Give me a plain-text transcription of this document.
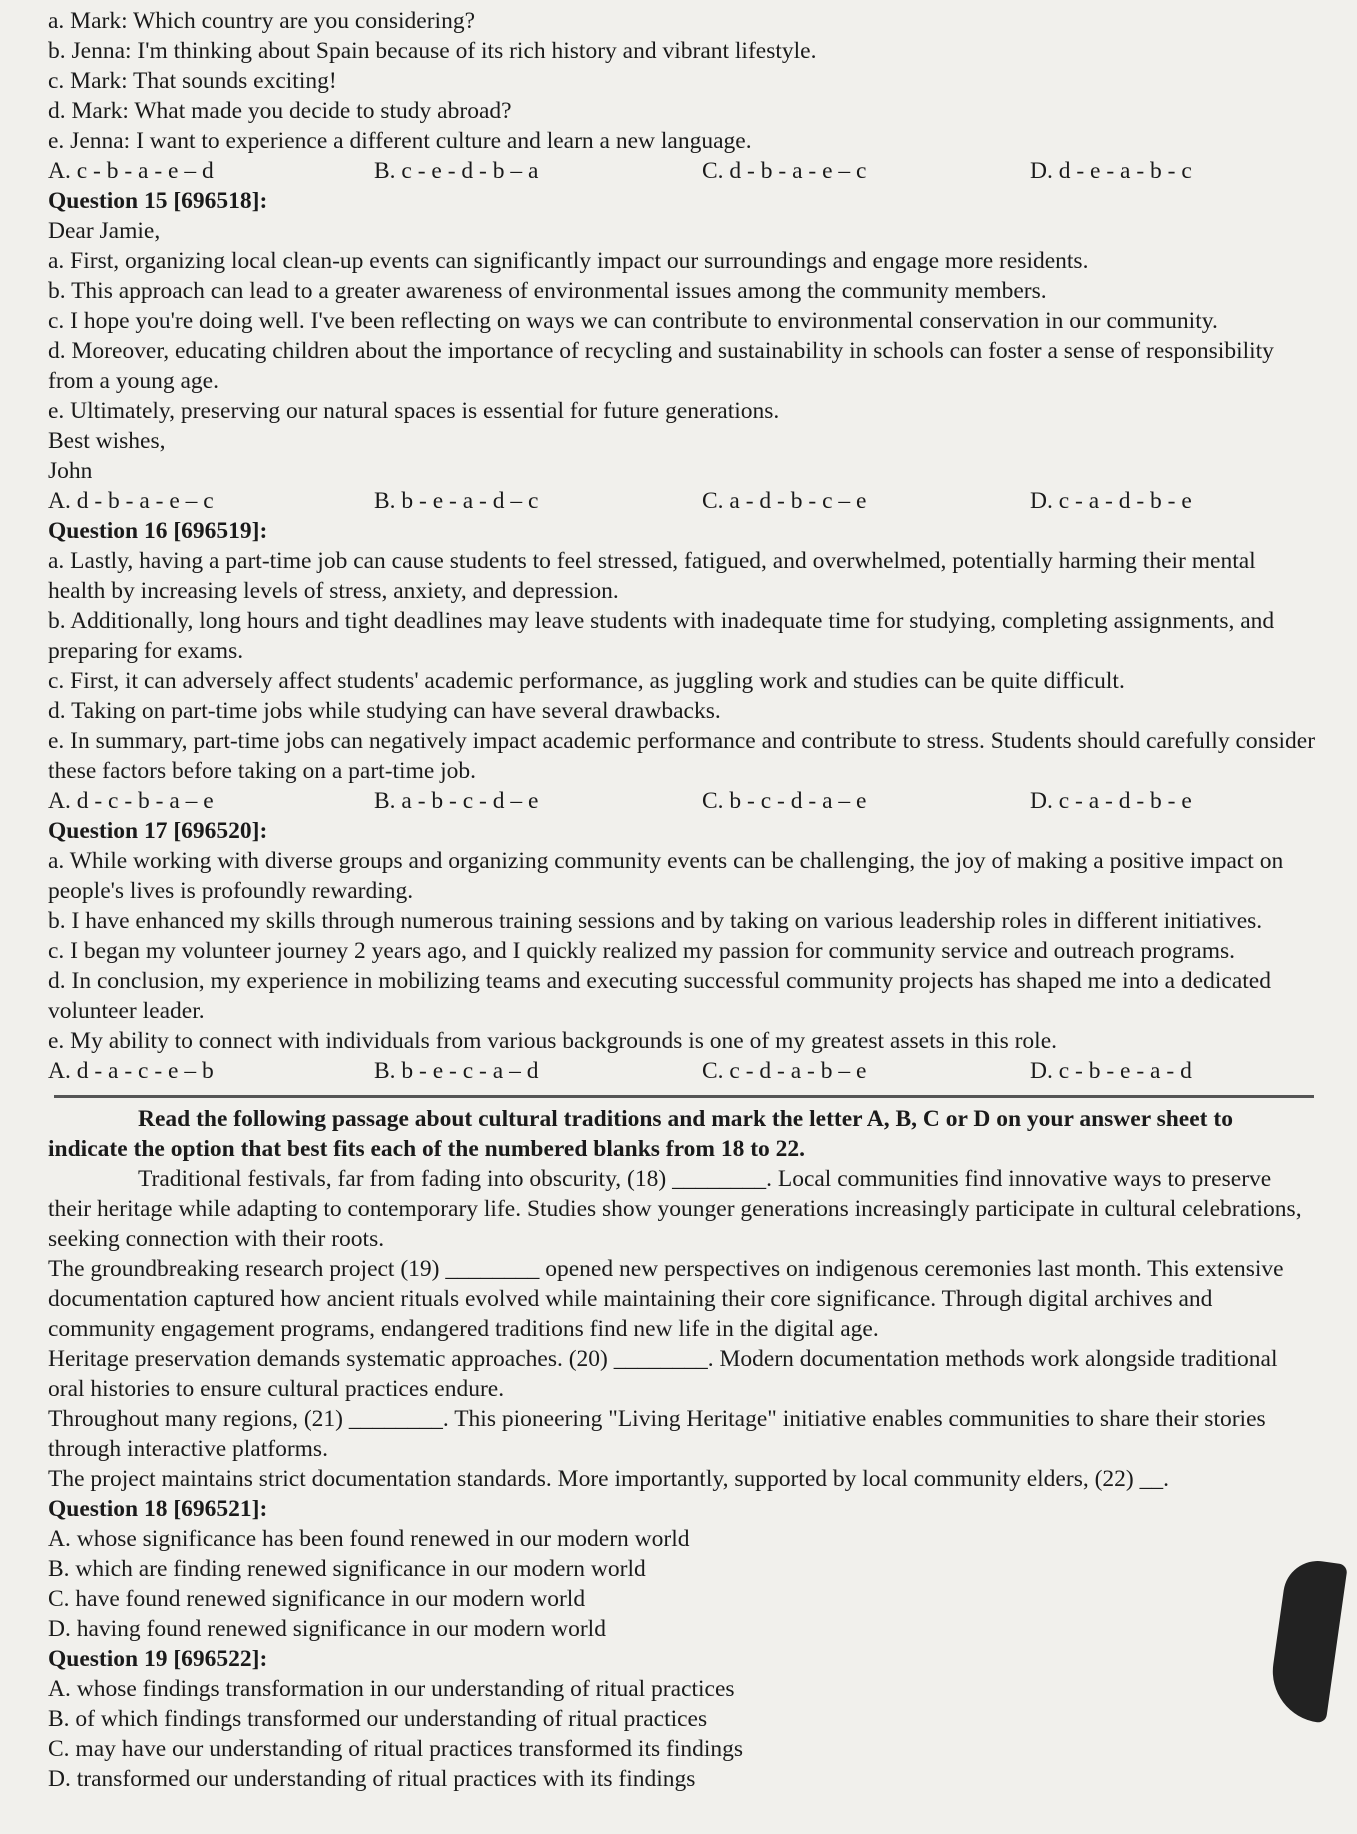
a. Mark: Which country are you considering?

b. Jenna: I'm thinking about Spain because of its rich history and vibrant lifestyle.

c. Mark: That sounds exciting!

d. Mark: What made you decide to study abroad?

e. Jenna: I want to experience a different culture and learn a new language.

A. c - b - a - e – d	B. c - e - d - b – a	C. d - b - a - e – c	D. d - e - a - b - c

Question 15 [696518]:

Dear Jamie,

a. First, organizing local clean-up events can significantly impact our surroundings and engage more residents.

b. This approach can lead to a greater awareness of environmental issues among the community members.

c. I hope you're doing well. I've been reflecting on ways we can contribute to environmental conservation in our community.

d. Moreover, educating children about the importance of recycling and sustainability in schools can foster a sense of responsibility from a young age.

e. Ultimately, preserving our natural spaces is essential for future generations.

Best wishes,

John

A. d - b - a - e – c	B. b - e - a - d – c	C. a - d - b - c – e	D. c - a - d - b - e

Question 16 [696519]:

a. Lastly, having a part-time job can cause students to feel stressed, fatigued, and overwhelmed, potentially harming their mental health by increasing levels of stress, anxiety, and depression.

b. Additionally, long hours and tight deadlines may leave students with inadequate time for studying, completing assignments, and preparing for exams.

c. First, it can adversely affect students' academic performance, as juggling work and studies can be quite difficult.

d. Taking on part-time jobs while studying can have several drawbacks.

e. In summary, part-time jobs can negatively impact academic performance and contribute to stress. Students should carefully consider these factors before taking on a part-time job.

A. d - c - b - a – e	B. a - b - c - d – e	C. b - c - d - a – e	D. c - a - d - b - e

Question 17 [696520]:

a. While working with diverse groups and organizing community events can be challenging, the joy of making a positive impact on people's lives is profoundly rewarding.

b. I have enhanced my skills through numerous training sessions and by taking on various leadership roles in different initiatives.

c. I began my volunteer journey 2 years ago, and I quickly realized my passion for community service and outreach programs.

d. In conclusion, my experience in mobilizing teams and executing successful community projects has shaped me into a dedicated volunteer leader.

e. My ability to connect with individuals from various backgrounds is one of my greatest assets in this role.

A. d - a - c - e – b	B. b - e - c - a – d	C. c - d - a - b – e	D. c - b - e - a - d

Read the following passage about cultural traditions and mark the letter A, B, C or D on your answer sheet to indicate the option that best fits each of the numbered blanks from 18 to 22.

Traditional festivals, far from fading into obscurity, (18) ________. Local communities find innovative ways to preserve their heritage while adapting to contemporary life. Studies show younger generations increasingly participate in cultural celebrations, seeking connection with their roots.

The groundbreaking research project (19) ________ opened new perspectives on indigenous ceremonies last month. This extensive documentation captured how ancient rituals evolved while maintaining their core significance. Through digital archives and community engagement programs, endangered traditions find new life in the digital age.

Heritage preservation demands systematic approaches. (20) ________. Modern documentation methods work alongside traditional oral histories to ensure cultural practices endure.

Throughout many regions, (21) ________. This pioneering "Living Heritage" initiative enables communities to share their stories through interactive platforms.

The project maintains strict documentation standards. More importantly, supported by local community elders, (22) __.

Question 18 [696521]:

A. whose significance has been found renewed in our modern world

B. which are finding renewed significance in our modern world

C. have found renewed significance in our modern world

D. having found renewed significance in our modern world

Question 19 [696522]:

A. whose findings transformation in our understanding of ritual practices

B. of which findings transformed our understanding of ritual practices

C. may have our understanding of ritual practices transformed its findings

D. transformed our understanding of ritual practices with its findings
